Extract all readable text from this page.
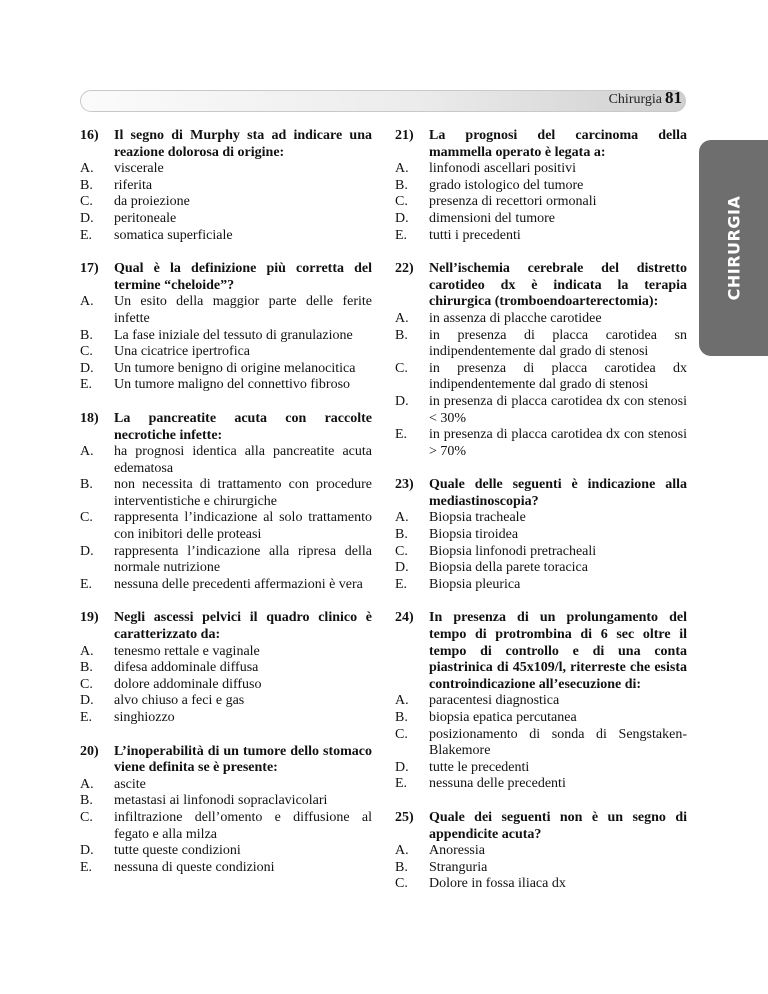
Chirurgia 81
CHIRURGIA
16)	Il segno di Murphy sta ad indicare una reazione dolorosa di origine:
A.	viscerale
B.	riferita
C.	da proiezione
D.	peritoneale
E.	somatica superficiale
17)	Qual è la definizione più corretta del termine “cheloide”?
A.	Un esito della maggior parte delle ferite infette
B.	La fase iniziale del tessuto di granulazione
C.	Una cicatrice ipertrofica
D.	Un tumore benigno di origine melanocitica
E.	Un tumore maligno del connettivo fibroso
18)	La pancreatite acuta con raccolte necrotiche infette:
A.	ha prognosi identica alla pancreatite acuta edematosa
B.	non necessita di trattamento con procedure interventistiche e chirurgiche
C.	rappresenta l’indicazione al solo trattamento con inibitori delle proteasi
D.	rappresenta l’indicazione alla ripresa della normale nutrizione
E.	nessuna delle precedenti affermazioni è vera
19)	Negli ascessi pelvici il quadro clinico è caratterizzato da:
A.	tenesmo rettale e vaginale
B.	difesa addominale diffusa
C.	dolore addominale diffuso
D.	alvo chiuso a feci e gas
E.	singhiozzo
20)	L’inoperabilità di un tumore dello stomaco viene definita se è presente:
A.	ascite
B.	metastasi ai linfonodi sopraclavicolari
C.	infiltrazione dell’omento e diffusione al fegato e alla milza
D.	tutte queste condizioni
E.	nessuna di queste condizioni
21)	La prognosi del carcinoma della mammella operato è legata a:
A.	linfonodi ascellari positivi
B.	grado istologico del tumore
C.	presenza di recettori ormonali
D.	dimensioni del tumore
E.	tutti i precedenti
22)	Nell’ischemia cerebrale del distretto carotideo dx è indicata la terapia chirurgica (tromboendoarterectomia):
A.	in assenza di placche carotidee
B.	in presenza di placca carotidea sn indipendentemente dal grado di stenosi
C.	in presenza di placca carotidea dx indipendentemente dal grado di stenosi
D.	in presenza di placca carotidea dx con stenosi < 30%
E.	in presenza di placca carotidea dx con stenosi > 70%
23)	Quale delle seguenti è indicazione alla mediastinoscopia?
A.	Biopsia tracheale
B.	Biopsia tiroidea
C.	Biopsia linfonodi pretracheali
D.	Biopsia della parete toracica
E.	Biopsia pleurica
24)	In presenza di un prolungamento del tempo di protrombina di 6 sec oltre il tempo di controllo e di una conta piastrinica di 45x109/l, riterreste che esista controindicazione all’esecuzione di:
A.	paracentesi diagnostica
B.	biopsia epatica percutanea
C.	posizionamento di sonda di Sengstaken-Blakemore
D.	tutte le precedenti
E.	nessuna delle precedenti
25)	Quale dei seguenti non è un segno di appendicite acuta?
A.	Anoressia
B.	Stranguria
C.	Dolore in fossa iliaca dx
